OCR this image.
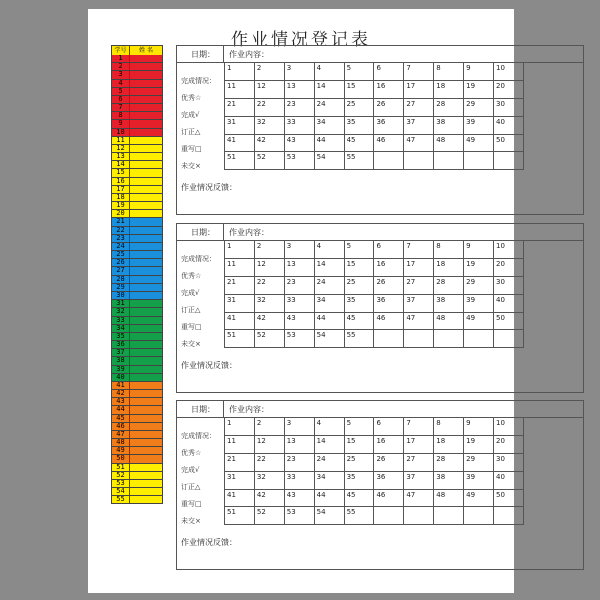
作业情况登记表
学号	姓 名
1
2
3
4
5
6
7
8
9
10
11
12
13
14
15
16
17
18
19
20
21
22
23
24
25
26
27
28
29
30
31
32
33
34
35
36
37
38
39
40
41
42
43
44
45
46
47
48
49
50
51
52
53
54
55
日期： 作业内容：
完成情况：
优秀☆
完成√
订正△
重写□
未交×
1	2	3	4	5	6	7	8	9	10
11	12	13	14	15	16	17	18	19	20
21	22	23	24	25	26	27	28	29	30
31	32	33	34	35	36	37	38	39	40
41	42	43	44	45	46	47	48	49	50
51	52	53	54	55					
作业情况反馈：
日期： 作业内容：
完成情况：
优秀☆
完成√
订正△
重写□
未交×
1	2	3	4	5	6	7	8	9	10
11	12	13	14	15	16	17	18	19	20
21	22	23	24	25	26	27	28	29	30
31	32	33	34	35	36	37	38	39	40
41	42	43	44	45	46	47	48	49	50
51	52	53	54	55					
作业情况反馈：
日期： 作业内容：
完成情况：
优秀☆
完成√
订正△
重写□
未交×
1	2	3	4	5	6	7	8	9	10
11	12	13	14	15	16	17	18	19	20
21	22	23	24	25	26	27	28	29	30
31	32	33	34	35	36	37	38	39	40
41	42	43	44	45	46	47	48	49	50
51	52	53	54	55					
作业情况反馈：
